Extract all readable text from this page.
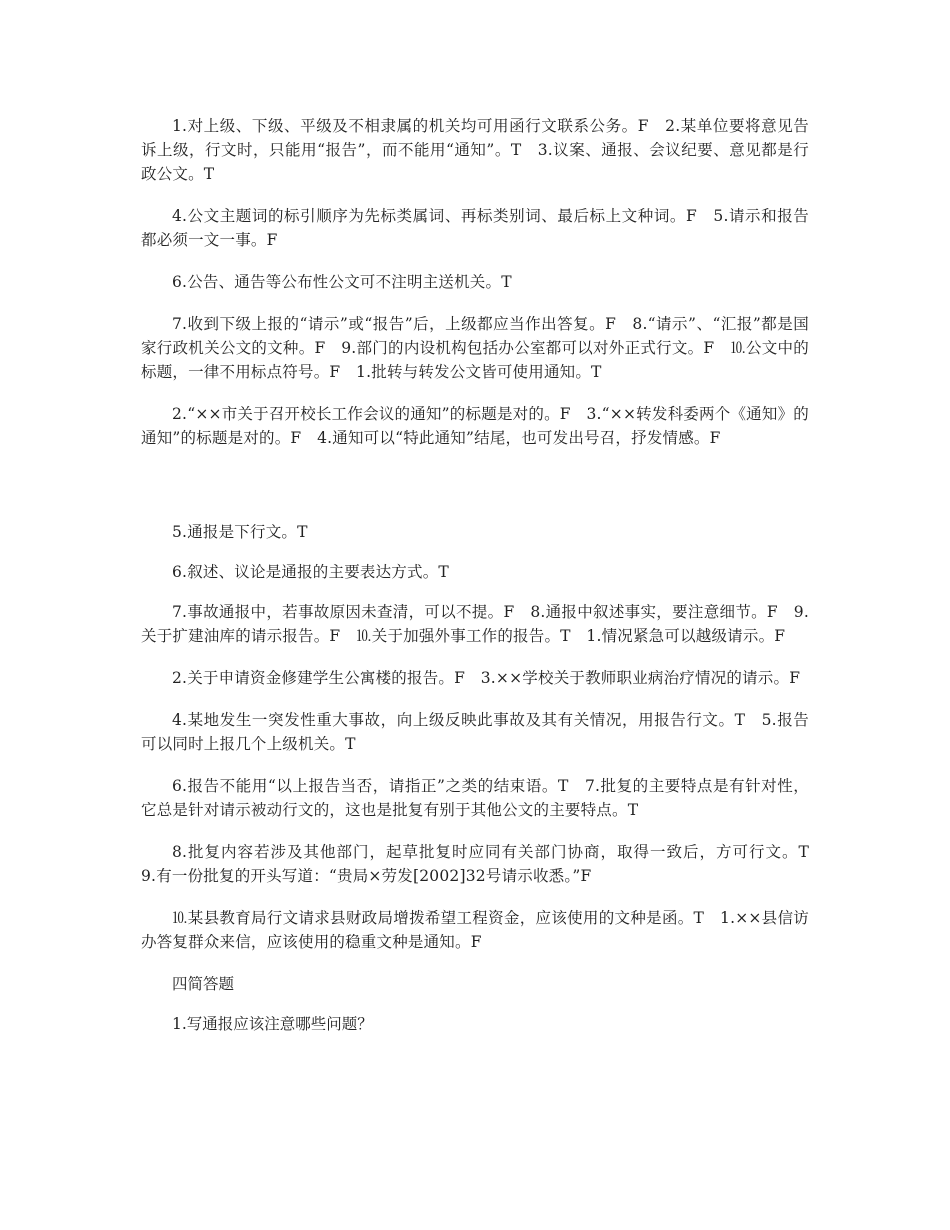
1.对上级、下级、平级及不相隶属的机关均可用函行文联系公务。F　2.某单位要将意见告诉上级，行文时，只能用“报告”，而不能用“通知”。T　3.议案、通报、会议纪要、意见都是行政公文。T

4.公文主题词的标引顺序为先标类属词、再标类别词、最后标上文种词。F　5.请示和报告都必须一文一事。F

6.公告、通告等公布性公文可不注明主送机关。T

7.收到下级上报的“请示”或“报告”后，上级都应当作出答复。F　8.“请示”、“汇报”都是国家行政机关公文的文种。F　9.部门的内设机构包括办公室都可以对外正式行文。F　⒑公文中的标题，一律不用标点符号。F　1.批转与转发公文皆可使用通知。T

2.“××市关于召开校长工作会议的通知”的标题是对的。F　3.“××转发科委两个《通知》的通知”的标题是对的。F　4.通知可以“特此通知”结尾，也可发出号召，抒发情感。F

5.通报是下行文。T

6.叙述、议论是通报的主要表达方式。T

7.事故通报中，若事故原因未查清，可以不提。F　8.通报中叙述事实，要注意细节。F　9.关于扩建油库的请示报告。F　⒑关于加强外事工作的报告。T　1.情况紧急可以越级请示。F

2.关于申请资金修建学生公寓楼的报告。F　3.××学校关于教师职业病治疗情况的请示。F

4.某地发生一突发性重大事故，向上级反映此事故及其有关情况，用报告行文。T　5.报告可以同时上报几个上级机关。T

6.报告不能用“以上报告当否，请指正”之类的结束语。T　7.批复的主要特点是有针对性，它总是针对请示被动行文的，这也是批复有别于其他公文的主要特点。T

8.批复内容若涉及其他部门，起草批复时应同有关部门协商，取得一致后，方可行文。T　9.有一份批复的开头写道：“贵局×劳发[2002]32号请示收悉。”F

⒑某县教育局行文请求县财政局增拨希望工程资金，应该使用的文种是函。T　1.××县信访办答复群众来信，应该使用的稳重文种是通知。F

四简答题

1.写通报应该注意哪些问题？
